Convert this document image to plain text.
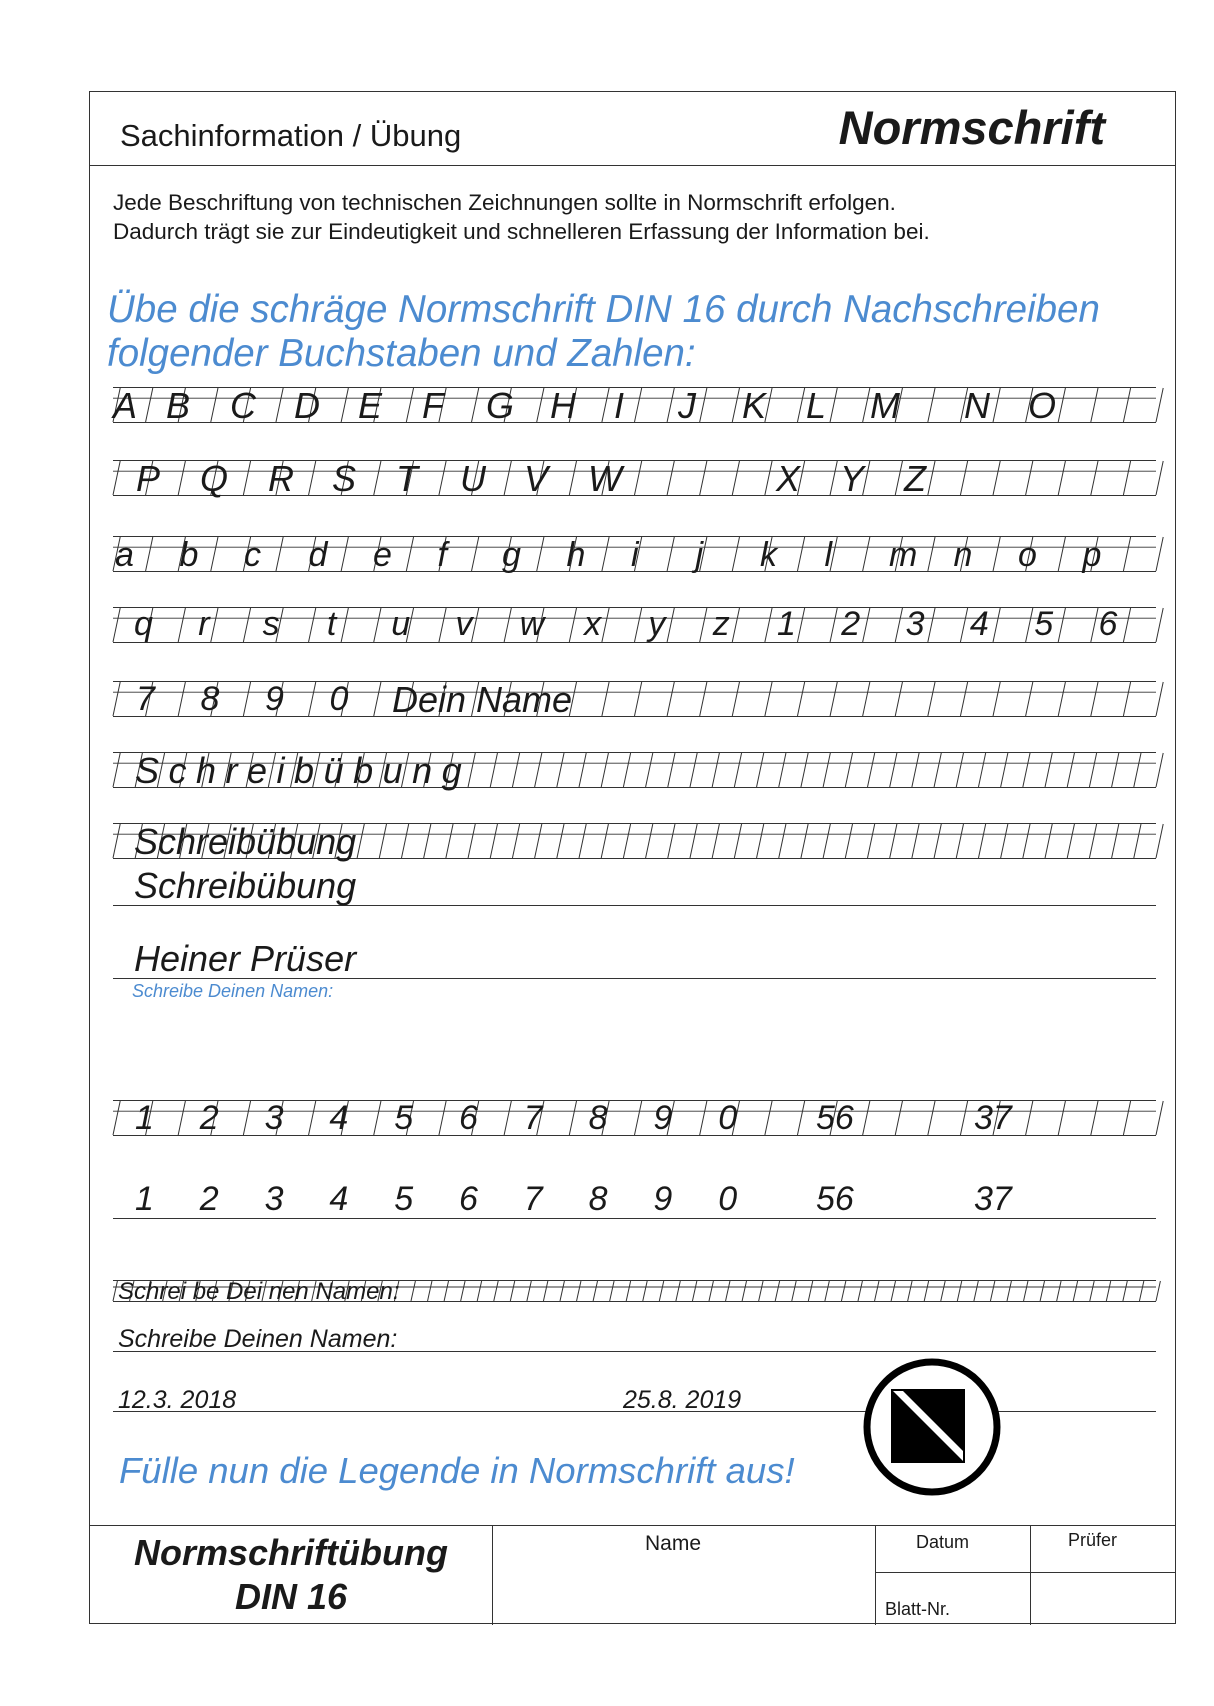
Sachinformation / Übung	Normschrift
Jede Beschriftung von technischen Zeichnungen sollte in Normschrift erfolgen.
Dadurch trägt sie zur Eindeutigkeit und schnelleren Erfassung der Information bei.
Übe die schräge Normschrift DIN 16 durch Nachschreiben
folgender Buchstaben und Zahlen:
A B C D E F G H I J K L M N O
P Q R S T U V W	X Y Z
a b c d e f g h i j k l m n o p
q r s t u v w x y z 1 2 3 4 5 6
7 8 9 0 Dein Name
Schreibübung
Schreibübung
Schreibübung
Heiner Prüser
Schreibe Deinen Namen:
1 2 3 4 5 6 7 8 9 0 56	37
1 2 3 4 5 6 7 8 9 0 56	37
Schrei be Dei nen Namen:
Schreibe Deinen Namen:
12.3. 2018	25.8. 2019
Fülle nun die Legende in Normschrift aus!
Normschriftübung
DIN 16
Name	Datum	Prüfer
Blatt-Nr.
